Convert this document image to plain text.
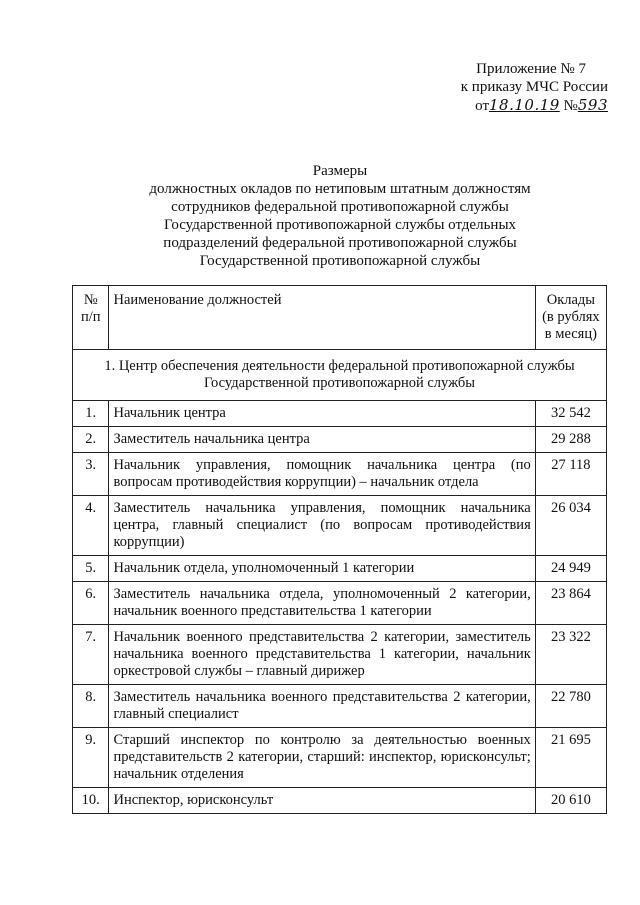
Приложение № 7
к приказу МЧС России
от18.10.19 №593
Размеры
должностных окладов по нетиповым штатным должностям
сотрудников федеральной противопожарной службы
Государственной противопожарной службы отдельных
подразделений федеральной противопожарной службы
Государственной противопожарной службы
№ п/п	Наименование должностей	Оклады (в рублях в месяц)
1. Центр обеспечения деятельности федеральной противопожарной службы Государственной противопожарной службы		
1.	Начальник центра	32 542
2.	Заместитель начальника центра	29 288
3.	Начальник управления, помощник начальника центра (по вопросам противодействия коррупции) – начальник отдела	27 118
4.	Заместитель начальника управления, помощник начальника центра, главный специалист (по вопросам противодействия коррупции)	26 034
5.	Начальник отдела, уполномоченный 1 категории	24 949
6.	Заместитель начальника отдела, уполномоченный 2 категории, начальник военного представительства 1 категории	23 864
7.	Начальник военного представительства 2 категории, заместитель начальника военного представительства 1 категории, начальник оркестровой службы – главный дирижер	23 322
8.	Заместитель начальника военного представительства 2 категории, главный специалист	22 780
9.	Старший инспектор по контролю за деятельностью военных представительств 2 категории, старший: инспектор, юрисконсульт; начальник отделения	21 695
10.	Инспектор, юрисконсульт	20 610
